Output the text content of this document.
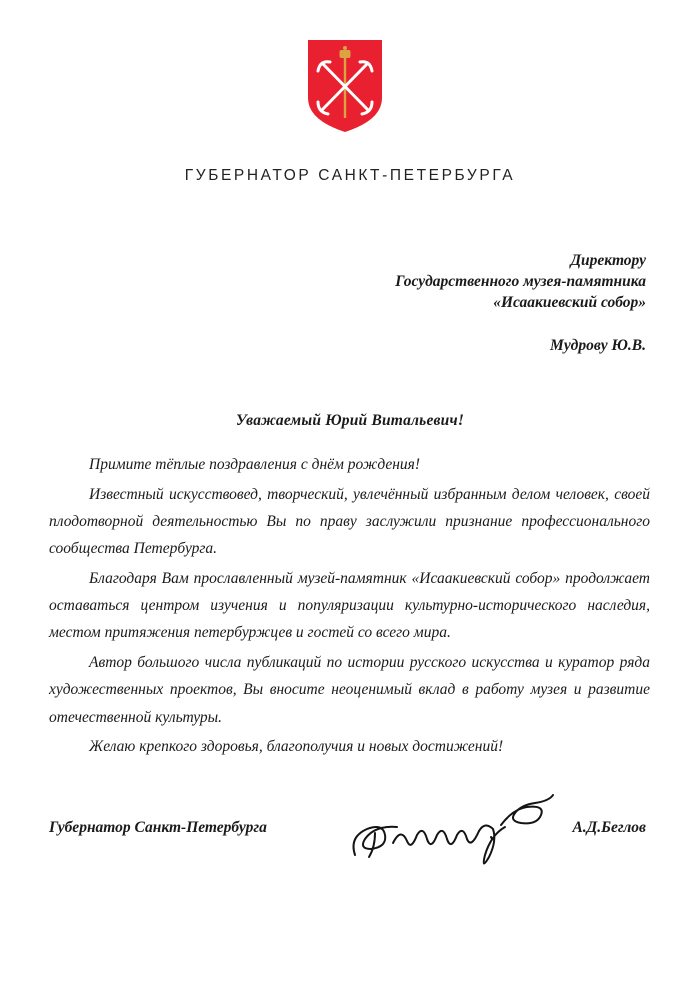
ГУБЕРНАТОР САНКТ-ПЕТЕРБУРГА
Директору
Государственного музея-памятника
«Исаакиевский собор»
Мудрову Ю.В.
Уважаемый Юрий Витальевич!

Примите тёплые поздравления с днём рождения!

Известный искусствовед, творческий, увлечённый избранным делом человек, своей плодотворной деятельностью Вы по праву заслужили признание профессионального сообщества Петербурга.

Благодаря Вам прославленный музей-памятник «Исаакиевский собор» продолжает оставаться центром изучения и популяризации культурно-исторического наследия, местом притяжения петербуржцев и гостей со всего мира.

Автор большого числа публикаций по истории русского искусства и куратор ряда художественных проектов, Вы вносите неоценимый вклад в работу музея и развитие отечественной культуры.

Желаю крепкого здоровья, благополучия и новых достижений!

Губернатор Санкт-Петербурга	А.Д.Беглов
